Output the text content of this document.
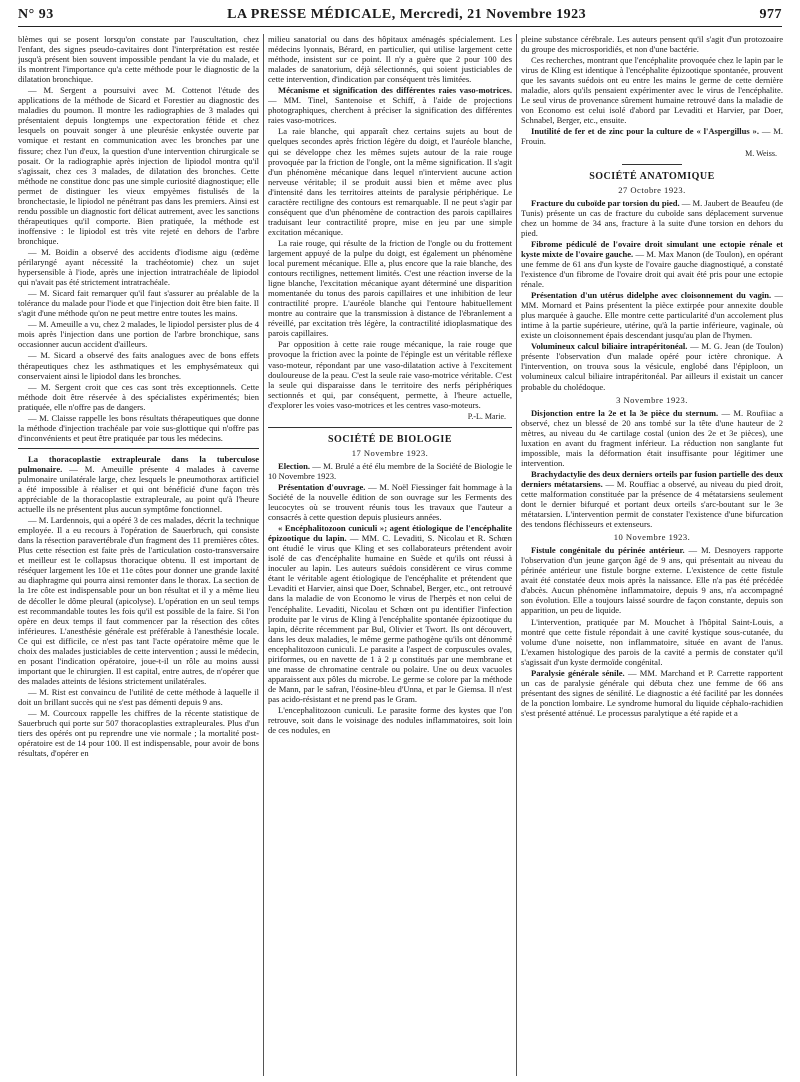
N° 93	LA PRESSE MÉDICALE, Mercredi, 21 Novembre 1923	977

blèmes qui se posent lorsqu'on constate par l'auscultation, chez l'enfant, des signes pseudo-cavitaires dont l'interprétation est restée jusqu'à présent bien souvent impossible pendant la vie du malade, et ils montrent l'importance qu'a cette méthode pour le diagnostic de la dilatation bronchique.

— M. Sergent a poursuivi avec M. Cottenot l'étude des applications de la méthode de Sicard et Forestier au diagnostic des maladies du poumon. Il montre les radiographies de 3 malades qui présentaient depuis longtemps une expectoration fétide et chez lesquels on pouvait songer à une pleurésie enkystée ouverte par vomique et restant en communication avec les bronches par une fissure; chez l'un d'eux, la question d'une intervention chirurgicale se posait. Or la radiographie après injection de lipiodol montra qu'il s'agissait, chez ces 3 malades, de dilatation des bronches. Cette méthode ne constitue donc pas une simple curiosité diagnostique; elle permet de distinguer les vieux empyèmes fistulisés de la bronchectasie, le lipiodol ne pénétrant pas dans les premiers. Ainsi est rendu possible un diagnostic fort délicat autrement, avec les sanctions thérapeutiques qu'il comporte. Bien pratiquée, la méthode est inoffensive : le lipiodol est très vite rejeté en dehors de l'arbre bronchique.

— M. Boidin a observé des accidents d'iodisme aigu (œdème périlaryngé ayant nécessité la trachéotomie) chez un sujet hypersensible à l'iode, après une injection intratrachéale de lipiodol qui n'avait pas été strictement intratrachéale.

— M. Sicard fait remarquer qu'il faut s'assurer au préalable de la tolérance du malade pour l'iode et que l'injection doit être bien faite. Il s'agit d'une méthode qu'on ne peut mettre entre toutes les mains.

— M. Ameuille a vu, chez 2 malades, le lipiodol persister plus de 4 mois après l'injection dans une portion de l'arbre bronchique, sans occasionner aucun accident d'ailleurs.

— M. Sicard a observé des faits analogues avec de bons effets thérapeutiques chez les asthmatiques et les emphysémateux qui conservaient ainsi le lipiodol dans les bronches.

— M. Sergent croit que ces cas sont très exceptionnels. Cette méthode doit être réservée à des spécialistes expérimentés; bien pratiquée, elle n'offre pas de dangers.

— M. Claisse rappelle les bons résultats thérapeutiques que donne la méthode d'injection trachéale par voie sus-glottique qui n'offre pas d'inconvénients et peut être pratiquée par tous les médecins.

La thoracoplastie extrapleurale dans la tuberculose pulmonaire. — M. Ameuille présente 4 malades à caverne pulmonaire unilatérale large, chez lesquels le pneumothorax artificiel a été impossible à réaliser et qui ont bénéficié d'une façon très appréciable de la thoracoplastie extrapleurale, au point qu'à l'heure actuelle ils ne présentent plus aucun symptôme fonctionnel.

— M. Lardennois, qui a opéré 3 de ces malades, décrit la technique employée. Il a eu recours à l'opération de Sauerbruch, qui consiste dans la résection paravertébrale d'un fragment des 11 premières côtes. Plus cette résection est faite près de l'articulation costo-transversaire et meilleur est le collapsus thoracique obtenu. Il est important de réséquer largement les 10e et 11e côtes pour donner une grande laxité au diaphragme qui pourra ainsi remonter dans le thorax. La section de la 1re côte est indispensable pour un bon résultat et il y a même lieu de décoller le dôme pleural (apicolyse). L'opération en un seul temps est recommandable toutes les fois qu'il est possible de la faire. Si l'on opère en deux temps il faut commencer par la résection des côtes inférieures. L'anesthésie générale est préférable à l'anesthésie locale. Ce qui est difficile, ce n'est pas tant l'acte opératoire même que le choix des malades justiciables de cette intervention ; aussi le médecin, en posant l'indication opératoire, joue-t-il un rôle au moins aussi important que le chirurgien. Il est capital, entre autres, de n'opérer que des malades atteints de lésions strictement unilatérales.

— M. Rist est convaincu de l'utilité de cette méthode à laquelle il doit un brillant succès qui ne s'est pas démenti depuis 9 ans.

— M. Courcoux rappelle les chiffres de la récente statistique de Sauerbruch qui porte sur 507 thoracoplasties extrapleurales. Plus d'un tiers des opérés ont pu reprendre une vie normale ; la mortalité post-opératoire est de 14 pour 100. Il est indispensable, pour avoir de bons résultats, d'opérer en

milieu sanatorial ou dans des hôpitaux aménagés spécialement. Les médecins lyonnais, Bérard, en particulier, qui utilise largement cette méthode, insistent sur ce point. Il n'y a guère que 2 pour 100 des malades de sanatorium, déjà sélectionnés, qui soient justiciables de cette intervention, d'indication par conséquent très limitées.

Mécanisme et signification des différentes raies vaso-motrices. — MM. Tinel, Santenoise et Schiff, à l'aide de projections photographiques, cherchent à préciser la signification des différentes raies vaso-motrices.

La raie blanche, qui apparaît chez certains sujets au bout de quelques secondes après friction légère du doigt, et l'auréole blanche, qui se développe chez les mêmes sujets autour de la raie rouge provoquée par la friction de l'ongle, ont la même signification. Il s'agit d'un phénomène mécanique dans lequel n'intervient aucune action nerveuse véritable; il se produit aussi bien et même avec plus d'intensité dans les territoires atteints de paralysie périphérique. Le caractère rectiligne des contours est remarquable. Il ne peut s'agir par conséquent que d'un phénomène de contraction des parois capillaires traduisant leur contractilité propre, mise en jeu par une simple excitation mécanique.

La raie rouge, qui résulte de la friction de l'ongle ou du frottement largement appuyé de la pulpe du doigt, est également un phénomène local purement mécanique. Elle a, plus encore que la raie blanche, des contours rectilignes, nettement limités. C'est une réaction inverse de la ligne blanche, l'excitation mécanique ayant déterminé une disparition momentanée du tonus des parois capillaires et une inhibition de leur contractilité propre. L'auréole blanche qui l'entoure habituellement montre au contraire que la transmission à distance de l'ébranlement a réveillé, par excitation très légère, la contractilité idioplasmatique des parois capillaires.

Par opposition à cette raie rouge mécanique, la raie rouge que provoque la friction avec la pointe de l'épingle est un véritable réflexe vaso-moteur, répondant par une vaso-dilatation active à l'excitement douloureuse de la peau. C'est la seule raie vaso-motrice véritable. C'est la seule qui disparaisse dans le territoire des nerfs périphériques sectionnés et qui, par conséquent, permette, à l'heure actuelle, d'explorer les voies vaso-motrices et les centres vaso-moteurs.

P.-L. Marie.
SOCIÉTÉ DE BIOLOGIE
17 Novembre 1923.

Election. — M. Brulé a été élu membre de la Société de Biologie le 10 Novembre 1923.

Présentation d'ouvrage. — M. Noël Fiessinger fait hommage à la Société de la nouvelle édition de son ouvrage sur les Ferments des leucocytes où se trouvent réunis tous les travaux que l'auteur a consacrés à cette question depuis plusieurs années.

« Encéphalitozoon cuniculi »; agent étiologique de l'encéphalite épizootique du lapin. — MM. C. Levaditi, S. Nicolau et R. Schœn ont étudié le virus que Kling et ses collaborateurs prétendent avoir isolé de cas d'encéphalite humaine en Suède et qu'ils ont réussi à inoculer au lapin. Les auteurs suédois considèrent ce virus comme étant le véritable agent étiologique de l'encéphalite et prétendent que Levaditi et Harvier, ainsi que Doer, Schnabel, Berger, etc., ont retrouvé dans la maladie de von Economo le virus de l'herpès et non celui de l'encéphalite. Levaditi, Nicolau et Schœn ont pu identifier l'infection produite par le virus de Kling à l'encéphalite spontanée épizootique du lapin, décrite récemment par Bul, Olivier et Twort. Ils ont découvert, dans les deux maladies, le même germe pathogène qu'ils ont dénommé encephalitozoon cuniculi. Le parasite a l'aspect de corpuscules ovales, piriformes, ou en navette de 1 à 2 µ constitués par une membrane et une masse de chromatine centrale ou polaire. Une ou deux vacuoles apparaissent aux pôles du microbe. Le germe se colore par la méthode de Mann, par le safran, l'éosine-bleu d'Unna, et par le Giemsa. Il n'est pas acido-résistant et ne prend pas le Gram.

L'encephalitozoon cuniculi. Le parasite forme des kystes que l'on retrouve, soit dans le voisinage des nodules inflammatoires, soit loin de ces nodules, en

pleine substance cérébrale. Les auteurs pensent qu'il s'agit d'un protozoaire du groupe des microsporidiés, et non d'une bactérie.

Ces recherches, montrant que l'encéphalite provoquée chez le lapin par le virus de Kling est identique à l'encéphalite épizootique spontanée, prouvent que les savants suédois ont eu entre les mains le germe de cette dernière maladie, alors qu'ils pensaient expérimenter avec le virus de l'encéphalite. Le seul virus de provenance sûrement humaine retrouvé dans la maladie de von Economo est celui isolé d'abord par Levaditi et Harvier, par Doer, Schnabel, Berger, etc., ensuite.

Inutilité de fer et de zinc pour la culture de « l'Aspergillus ». — M. Frouin.

M. Weiss.
SOCIÉTÉ ANATOMIQUE
27 Octobre 1923.

Fracture du cuboïde par torsion du pied. — M. Jaubert de Beaufeu (de Tunis) présente un cas de fracture du cuboïde sans déplacement survenue chez un homme de 34 ans, fracture à la suite d'une torsion en dehors du pied.

Fibrome pédiculé de l'ovaire droit simulant une ectopie rénale et kyste mixte de l'ovaire gauche. — M. Max Manon (de Toulon), en opérant une femme de 61 ans d'un kyste de l'ovaire gauche diagnostiqué, a constaté l'existence d'un fibrome de l'ovaire droit qui avait été pris pour une ectopie rénale.

Présentation d'un utérus didelphe avec cloisonnement du vagin. — MM. Mornard et Pains présentent la pièce extirpée pour annexite double plus marquée à gauche. Elle montre cette particularité d'un accolement plus intime à la partie supérieure, utérine, qu'à la partie inférieure, vaginale, où existe un cloisonnement épais descendant jusqu'au plan de l'hymen.

Volumineux calcul biliaire intrapéritonéal. — M. G. Jean (de Toulon) présente l'observation d'un malade opéré pour ictère chronique. A l'intervention, on trouva sous la vésicule, englobé dans l'épiploon, un volumineux calcul biliaire intrapéritonéal. Par ailleurs il existait un cancer probable du cholédoque.

3 Novembre 1923.

Disjonction entre la 2e et la 3e pièce du sternum. — M. Roufiiac a observé, chez un blessé de 20 ans tombé sur la tête d'une hauteur de 2 mètres, au niveau du 4e cartilage costal (union des 2e et 3e pièces), une luxation en avant du fragment inférieur. La réduction non sanglante fut impossible, mais la déformation était insuffisante pour légitimer une intervention.

Brachydactylie des deux derniers orteils par fusion partielle des deux derniers métatarsiens. — M. Rouffiac a observé, au niveau du pied droit, cette malformation constituée par la présence de 4 métatarsiens seulement dont le dernier bifurqué et portant deux orteils s'arc-boutant sur le 3e métatarsien. L'intervention permit de constater l'existence d'une bifurcation des tendons fléchisseurs et extenseurs.

10 Novembre 1923.

Fistule congénitale du périnée antérieur. — M. Desnoyers rapporte l'observation d'un jeune garçon âgé de 9 ans, qui présentait au niveau du périnée antérieur une fistule borgne externe. L'existence de cette fistule avait été constatée deux mois après la naissance. Elle n'a pas été précédée d'abcès. Aucun phénomène inflammatoire, depuis 9 ans, n'a accompagné son évolution. Elle a toujours laissé sourdre de façon constante, depuis son apparition, un peu de liquide.

L'intervention, pratiquée par M. Mouchet à l'hôpital Saint-Louis, a montré que cette fistule répondait à une cavité kystique sous-cutanée, du volume d'une noisette, non inflammatoire, située en avant de l'anus. L'examen histologique des parois de la cavité a permis de constater qu'il s'agissait d'un kyste dermoïde congénital.

Paralysie générale sénile. — MM. Marchand et P. Carrette rapportent un cas de paralysie générale qui débuta chez une femme de 66 ans présentant des signes de sénilité. Le diagnostic a été facilité par les données de la ponction lombaire. Le syndrome humoral du liquide céphalo-rachidien s'est présenté atténué. Le processus paralytique a été rapide et a
